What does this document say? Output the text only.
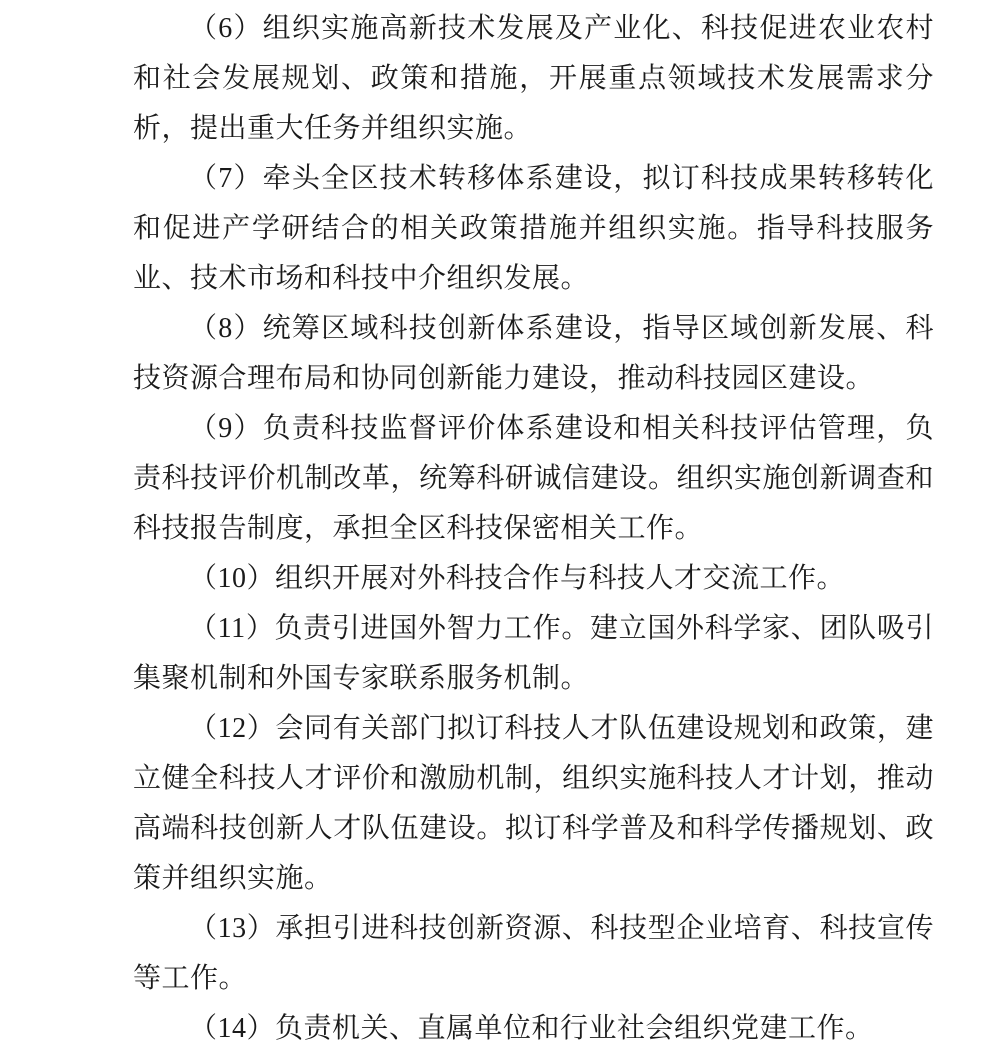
（6）组织实施高新技术发展及产业化、科技促进农业农村和社会发展规划、政策和措施，开展重点领域技术发展需求分析，提出重大任务并组织实施。

（7）牵头全区技术转移体系建设，拟订科技成果转移转化和促进产学研结合的相关政策措施并组织实施。指导科技服务业、技术市场和科技中介组织发展。

（8）统筹区域科技创新体系建设，指导区域创新发展、科技资源合理布局和协同创新能力建设，推动科技园区建设。

（9）负责科技监督评价体系建设和相关科技评估管理，负责科技评价机制改革，统筹科研诚信建设。组织实施创新调查和科技报告制度，承担全区科技保密相关工作。

（10）组织开展对外科技合作与科技人才交流工作。

（11）负责引进国外智力工作。建立国外科学家、团队吸引集聚机制和外国专家联系服务机制。

（12）会同有关部门拟订科技人才队伍建设规划和政策，建立健全科技人才评价和激励机制，组织实施科技人才计划，推动高端科技创新人才队伍建设。拟订科学普及和科学传播规划、政策并组织实施。

（13）承担引进科技创新资源、科技型企业培育、科技宣传等工作。

（14）负责机关、直属单位和行业社会组织党建工作。
